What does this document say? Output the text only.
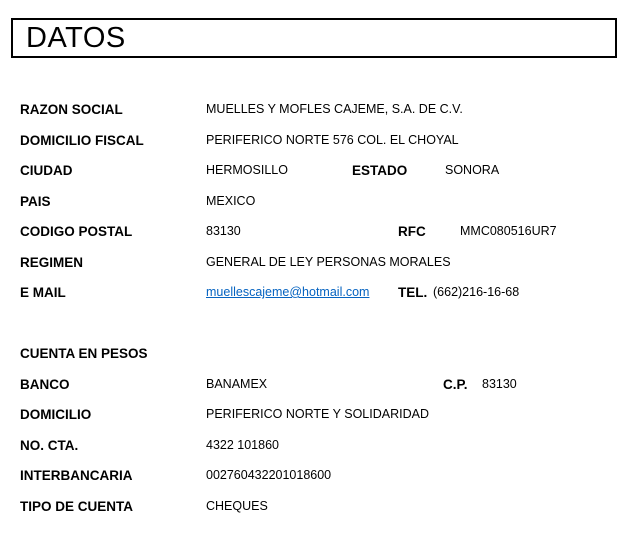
DATOS
RAZON SOCIAL	MUELLES Y MOFLES CAJEME, S.A. DE C.V.
DOMICILIO FISCAL	PERIFERICO NORTE 576 COL. EL CHOYAL
CIUDAD	HERMOSILLO	ESTADO	SONORA
PAIS	MEXICO
CODIGO POSTAL	83130	RFC	MMC080516UR7
REGIMEN	GENERAL DE LEY PERSONAS MORALES
E MAIL	muellescajeme@hotmail.com TEL. (662)216-16-68
CUENTA EN PESOS
BANCO	BANAMEX	C.P. 83130
DOMICILIO	PERIFERICO NORTE Y SOLIDARIDAD
NO. CTA.	4322 101860
INTERBANCARIA	002760432201018600
TIPO DE CUENTA	CHEQUES
